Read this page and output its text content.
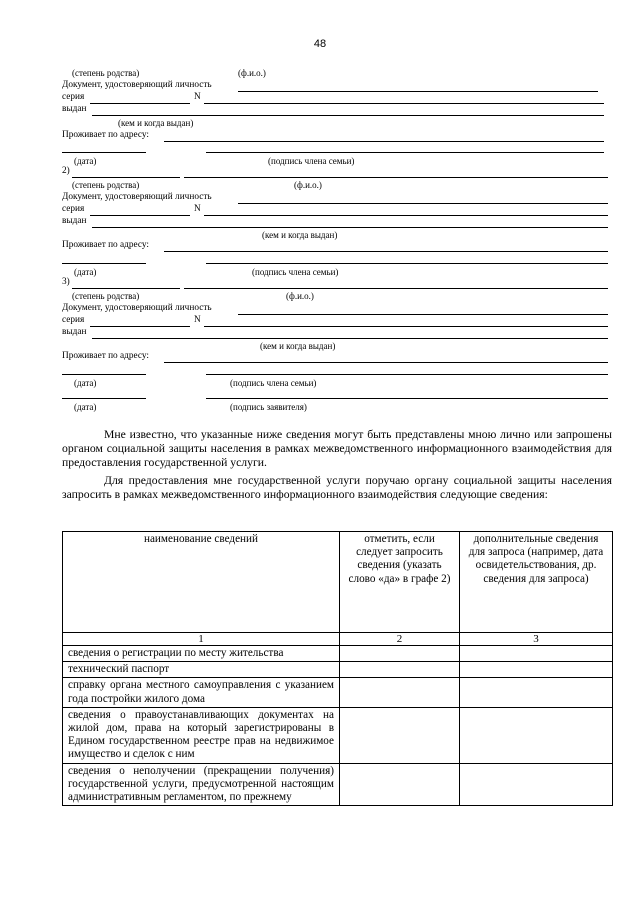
48
(степень родства)	(ф.и.о.)
Документ, удостоверяющий личность
серия	N
выдан
(кем и когда выдан)
Проживает по адресу:
(дата)	(подпись члена семьи)
2)
(степень родства)	(ф.и.о.)
Документ, удостоверяющий личность
серия	N
выдан
(кем и когда выдан)
Проживает по адресу:
(дата)	(подпись члена семьи)
3)
(степень родства)	(ф.и.о.)
Документ, удостоверяющий личность
серия	N
выдан
(кем и когда выдан)
Проживает по адресу:
(дата)	(подпись члена семьи)
(дата)	(подпись заявителя)
Мне известно, что указанные ниже сведения могут быть представлены мною лично или запрошены органом социальной защиты населения в рамках межведомственного информационного взаимодействия для предоставления государственной услуги.
Для предоставления мне государственной услуги поручаю органу социальной защиты населения запросить в рамках межведомственного информационного взаимодействия следующие сведения:
наименование сведений	отметить, если следует запросить сведения (указать слово «да» в графе 2)	дополнительные сведения для запроса (например, дата освидетельствования, др. сведения для запроса)
1	2	3
сведения о регистрации по месту жительства		
технический паспорт		
справку органа местного самоуправления с указанием года постройки жилого дома		
сведения о правоустанавливающих документах на жилой дом, права на который зарегистрированы в Едином государственном реестре прав на недвижимое имущество и сделок с ним		
сведения о неполучении (прекращении получения) государственной услуги, предусмотренной настоящим административным регламентом, по прежнему		
